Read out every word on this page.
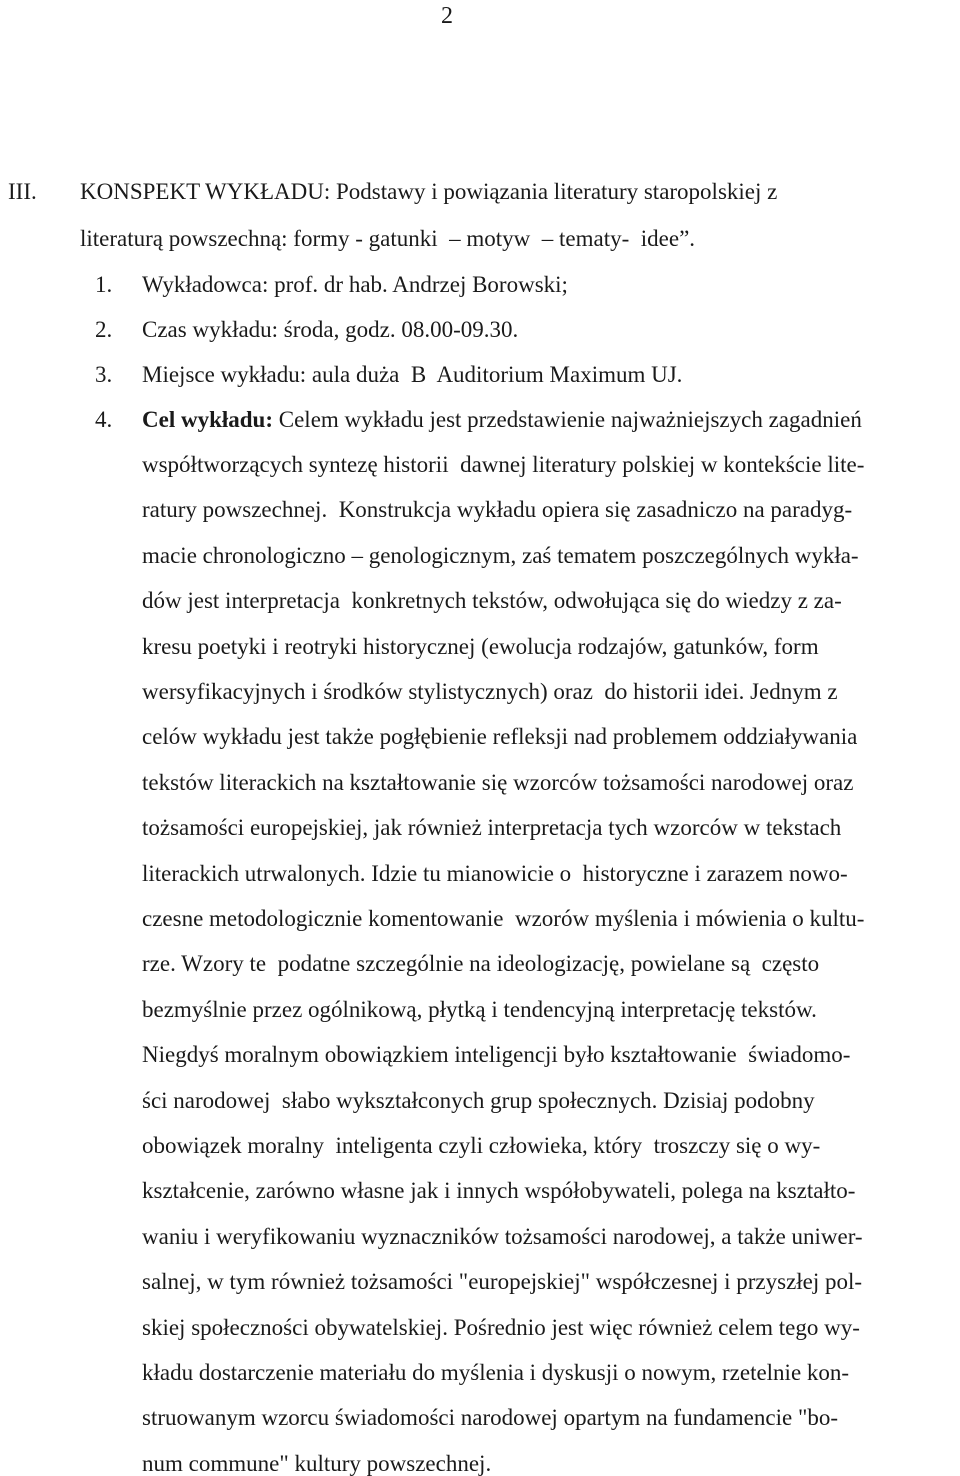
2
III. KONSPEKT WYKŁADU: Podstawy i powiązania literatury staropolskiej z
literaturą powszechną: formy - gatunki  – motyw  – tematy-  idee”.
1. Wykładowca: prof. dr hab. Andrzej Borowski;
2. Czas wykładu: środa, godz. 08.00-09.30.
3. Miejsce wykładu: aula duża  B  Auditorium Maximum UJ.
4. Cel wykładu: Celem wykładu jest przedstawienie najważniejszych zagadnień
współtworzących syntezę historii  dawnej literatury polskiej w kontekście lite-
ratury powszechnej.  Konstrukcja wykładu opiera się zasadniczo na paradyg-
macie chronologiczno – genologicznym, zaś tematem poszczególnych wykła-
dów jest interpretacja  konkretnych tekstów, odwołująca się do wiedzy z za-
kresu poetyki i reotryki historycznej (ewolucja rodzajów, gatunków, form
wersyfikacyjnych i środków stylistycznych) oraz  do historii idei. Jednym z
celów wykładu jest także pogłębienie refleksji nad problemem oddziaływania
tekstów literackich na kształtowanie się wzorców tożsamości narodowej oraz
tożsamości europejskiej, jak również interpretacja tych wzorców w tekstach
literackich utrwalonych. Idzie tu mianowicie o  historyczne i zarazem nowo-
czesne metodologicznie komentowanie  wzorów myślenia i mówienia o kultu-
rze. Wzory te  podatne szczególnie na ideologizację, powielane są  często
bezmyślnie przez ogólnikową, płytką i tendencyjną interpretację tekstów.
Niegdyś moralnym obowiązkiem inteligencji było kształtowanie  świadomo-
ści narodowej  słabo wykształconych grup społecznych. Dzisiaj podobny
obowiązek moralny  inteligenta czyli człowieka, który  troszczy się o wy-
kształcenie, zarówno własne jak i innych współobywateli, polega na kształto-
waniu i weryfikowaniu wyznaczników tożsamości narodowej, a także uniwer-
salnej, w tym również tożsamości "europejskiej" współczesnej i przyszłej pol-
skiej społeczności obywatelskiej. Pośrednio jest więc również celem tego wy-
kładu dostarczenie materiału do myślenia i dyskusji o nowym, rzetelnie kon-
struowanym wzorcu świadomości narodowej opartym na fundamencie "bo-
num commune" kultury powszechnej.
